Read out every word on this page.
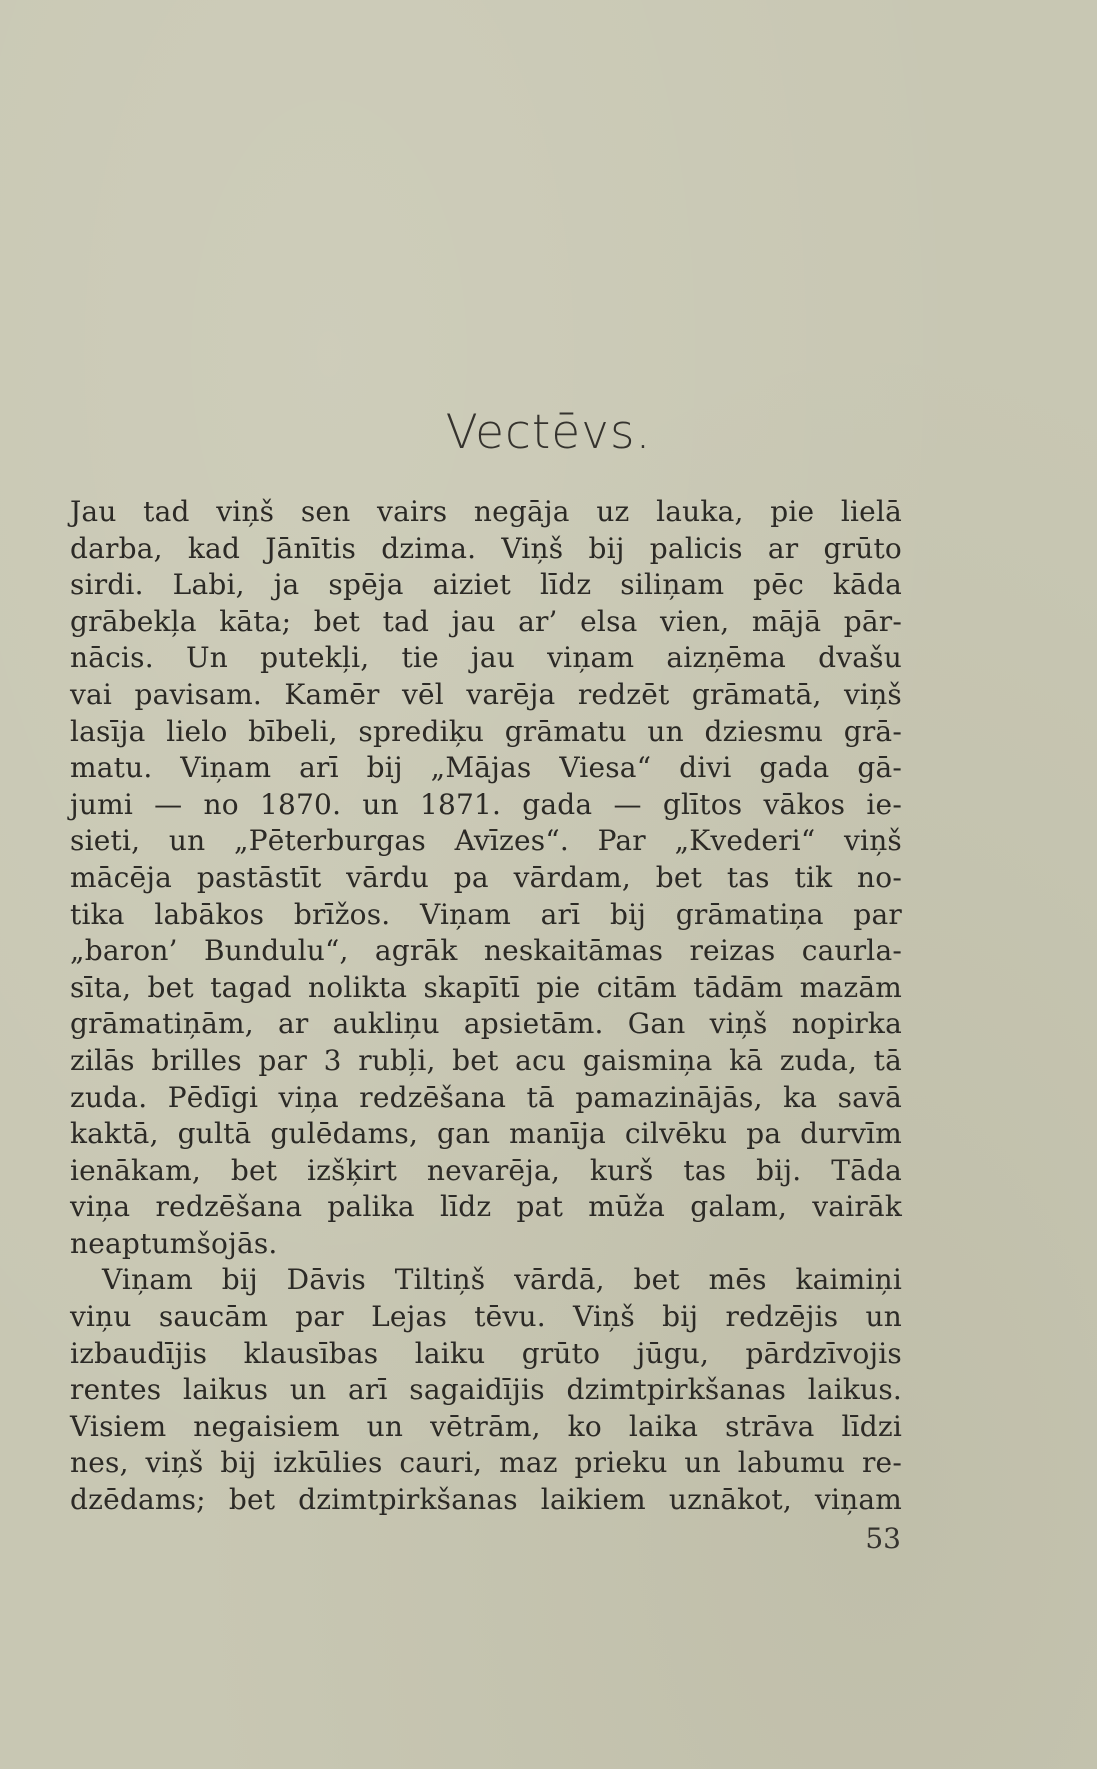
Vectēvs.
Jau tad viņš sen vairs negāja uz lauka, pie lielā
darba, kad Jānītis dzima. Viņš bij palicis ar grūto
sirdi. Labi, ja spēja aiziet līdz siliņam pēc kāda
grābekļa kāta; bet tad jau ar’ elsa vien, mājā pār-
nācis. Un putekļi, tie jau viņam aizņēma dvašu
vai pavisam. Kamēr vēl varēja redzēt grāmatā, viņš
lasīja lielo bībeli, sprediķu grāmatu un dziesmu grā-
matu. Viņam arī bij „Mājas Viesa“ divi gada gā-
jumi — no 1870. un 1871. gada — glītos vākos ie-
sieti, un „Pēterburgas Avīzes“. Par „Kvederi“ viņš
mācēja pastāstīt vārdu pa vārdam, bet tas tik no-
tika labākos brīžos. Viņam arī bij grāmatiņa par
„baron’ Bundulu“, agrāk neskaitāmas reizas caurla-
sīta, bet tagad nolikta skapītī pie citām tādām mazām
grāmatiņām, ar aukliņu apsietām. Gan viņš nopirka
zilās brilles par 3 rubļi, bet acu gaismiņa kā zuda, tā
zuda. Pēdīgi viņa redzēšana tā pamazinājās, ka savā
kaktā, gultā gulēdams, gan manīja cilvēku pa durvīm
ienākam, bet izšķirt nevarēja, kurš tas bij. Tāda
viņa redzēšana palika līdz pat mūža galam, vairāk
neaptumšojās.
Viņam bij Dāvis Tiltiņš vārdā, bet mēs kaimiņi
viņu saucām par Lejas tēvu. Viņš bij redzējis un
izbaudījis klausības laiku grūto jūgu, pārdzīvojis
rentes laikus un arī sagaidījis dzimtpirkšanas laikus.
Visiem negaisiem un vētrām, ko laika strāva līdzi
nes, viņš bij izkūlies cauri, maz prieku un labumu re-
dzēdams; bet dzimtpirkšanas laikiem uznākot, viņam
53
